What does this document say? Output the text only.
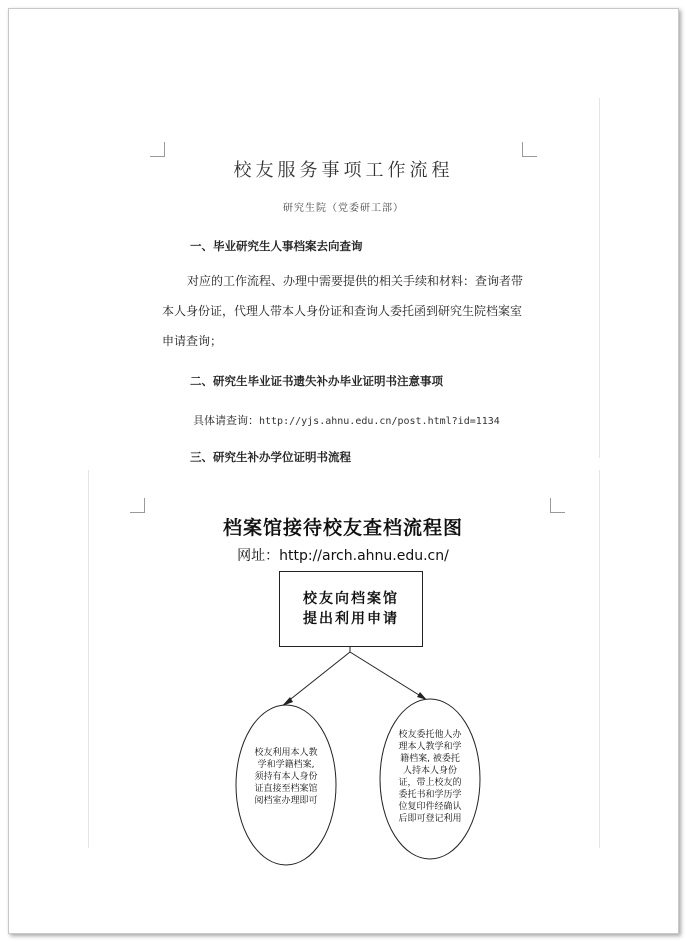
校友服务事项工作流程
研究生院（党委研工部）
一、毕业研究生人事档案去向查询
对应的工作流程、办理中需要提供的相关手续和材料：查询者带
本人身份证，代理人带本人身份证和查询人委托函到研究生院档案室
申请查询；
二、研究生毕业证书遗失补办毕业证明书注意事项
具体请查询：http://yjs.ahnu.edu.cn/post.html?id=1134
三、研究生补办学位证明书流程
档案馆接待校友查档流程图
网址：http://arch.ahnu.edu.cn/
校友向档案馆
提出利用申请
校友利用本人教
学和学籍档案,
须持有本人身份
证直接至档案馆
阅档室办理即可
校友委托他人办
理本人教学和学
籍档案, 被委托
人持本人身份
证，带上校友的
委托书和学历学
位复印件经确认
后即可登记利用
